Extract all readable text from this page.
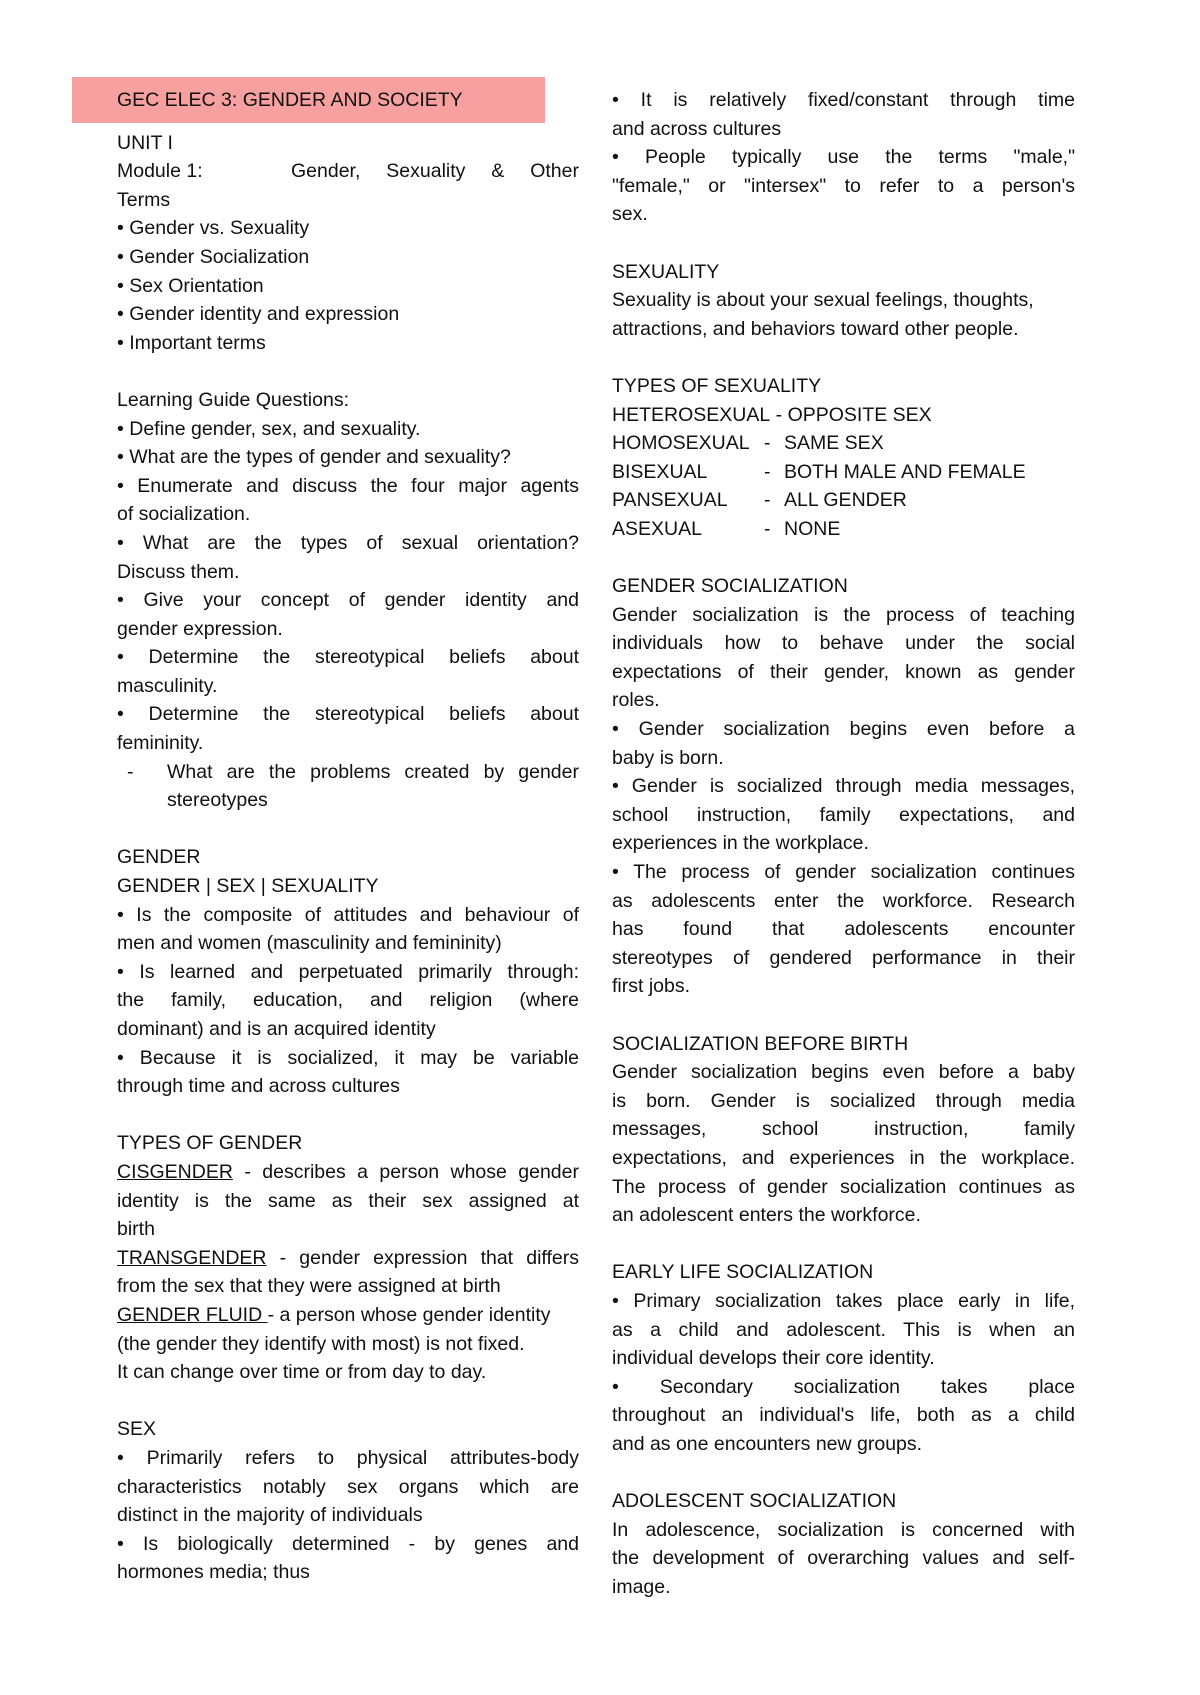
GEC ELEC 3: GENDER AND SOCIETY
UNIT I
Module 1:	Gender, Sexuality & Other
Terms
• Gender vs. Sexuality
• Gender Socialization
• Sex Orientation
• Gender identity and expression
• Important terms
Learning Guide Questions:
• Define gender, sex, and sexuality.
• What are the types of gender and sexuality?
• Enumerate and discuss the four major agents
of socialization.
• What are the types of sexual orientation?
Discuss them.
• Give your concept of gender identity and
gender expression.
• Determine the stereotypical beliefs about
masculinity.
• Determine the stereotypical beliefs about
femininity.
-	What are the problems created by gender
stereotypes
GENDER
GENDER | SEX | SEXUALITY
• Is the composite of attitudes and behaviour of
men and women (masculinity and femininity)
• Is learned and perpetuated primarily through:
the family, education, and religion (where
dominant) and is an acquired identity
• Because it is socialized, it may be variable
through time and across cultures
TYPES OF GENDER
CISGENDER - describes a person whose gender
identity is the same as their sex assigned at
birth
TRANSGENDER - gender expression that differs
from the sex that they were assigned at birth
GENDER FLUID - a person whose gender identity
(the gender they identify with most) is not fixed.
It can change over time or from day to day.
SEX
• Primarily refers to physical attributes-body
characteristics notably sex organs which are
distinct in the majority of individuals
• Is biologically determined - by genes and
hormones media; thus
• It is relatively fixed/constant through time
and across cultures
• People typically use the terms "male,"
"female," or "intersex" to refer to a person's
sex.
SEXUALITY
Sexuality is about your sexual feelings, thoughts,
attractions, and behaviors toward other people.
TYPES OF SEXUALITY
HETEROSEXUAL - OPPOSITE SEX
HOMOSEXUAL - SAME SEX
BISEXUAL	- BOTH MALE AND FEMALE
PANSEXUAL	- ALL GENDER
ASEXUAL	- NONE
GENDER SOCIALIZATION
Gender socialization is the process of teaching
individuals how to behave under the social
expectations of their gender, known as gender
roles.
• Gender socialization begins even before a
baby is born.
• Gender is socialized through media messages,
school instruction, family expectations, and
experiences in the workplace.
• The process of gender socialization continues
as adolescents enter the workforce. Research
has found that adolescents encounter
stereotypes of gendered performance in their
first jobs.
SOCIALIZATION BEFORE BIRTH
Gender socialization begins even before a baby
is born. Gender is socialized through media
messages, school instruction, family
expectations, and experiences in the workplace.
The process of gender socialization continues as
an adolescent enters the workforce.
EARLY LIFE SOCIALIZATION
• Primary socialization takes place early in life,
as a child and adolescent. This is when an
individual develops their core identity.
• Secondary socialization takes place
throughout an individual's life, both as a child
and as one encounters new groups.
ADOLESCENT SOCIALIZATION
In adolescence, socialization is concerned with
the development of overarching values and self-
image.
